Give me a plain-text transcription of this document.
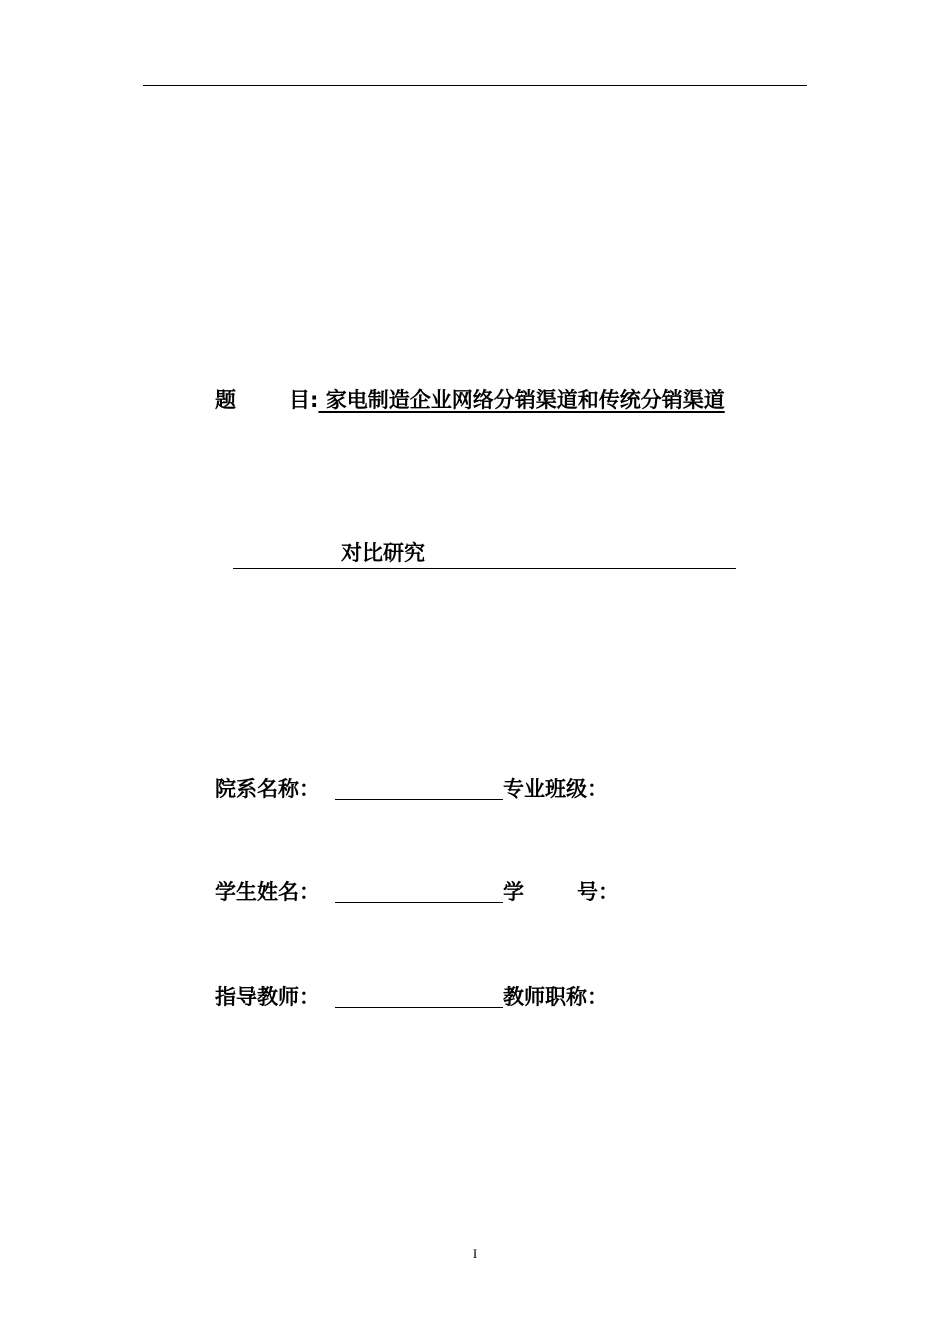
题	目: 家电制造企业网络分销渠道和传统分销渠道
对比研究
院系名称：	专业班级：
学生姓名：	学	号：
指导教师：	教师职称：
I
